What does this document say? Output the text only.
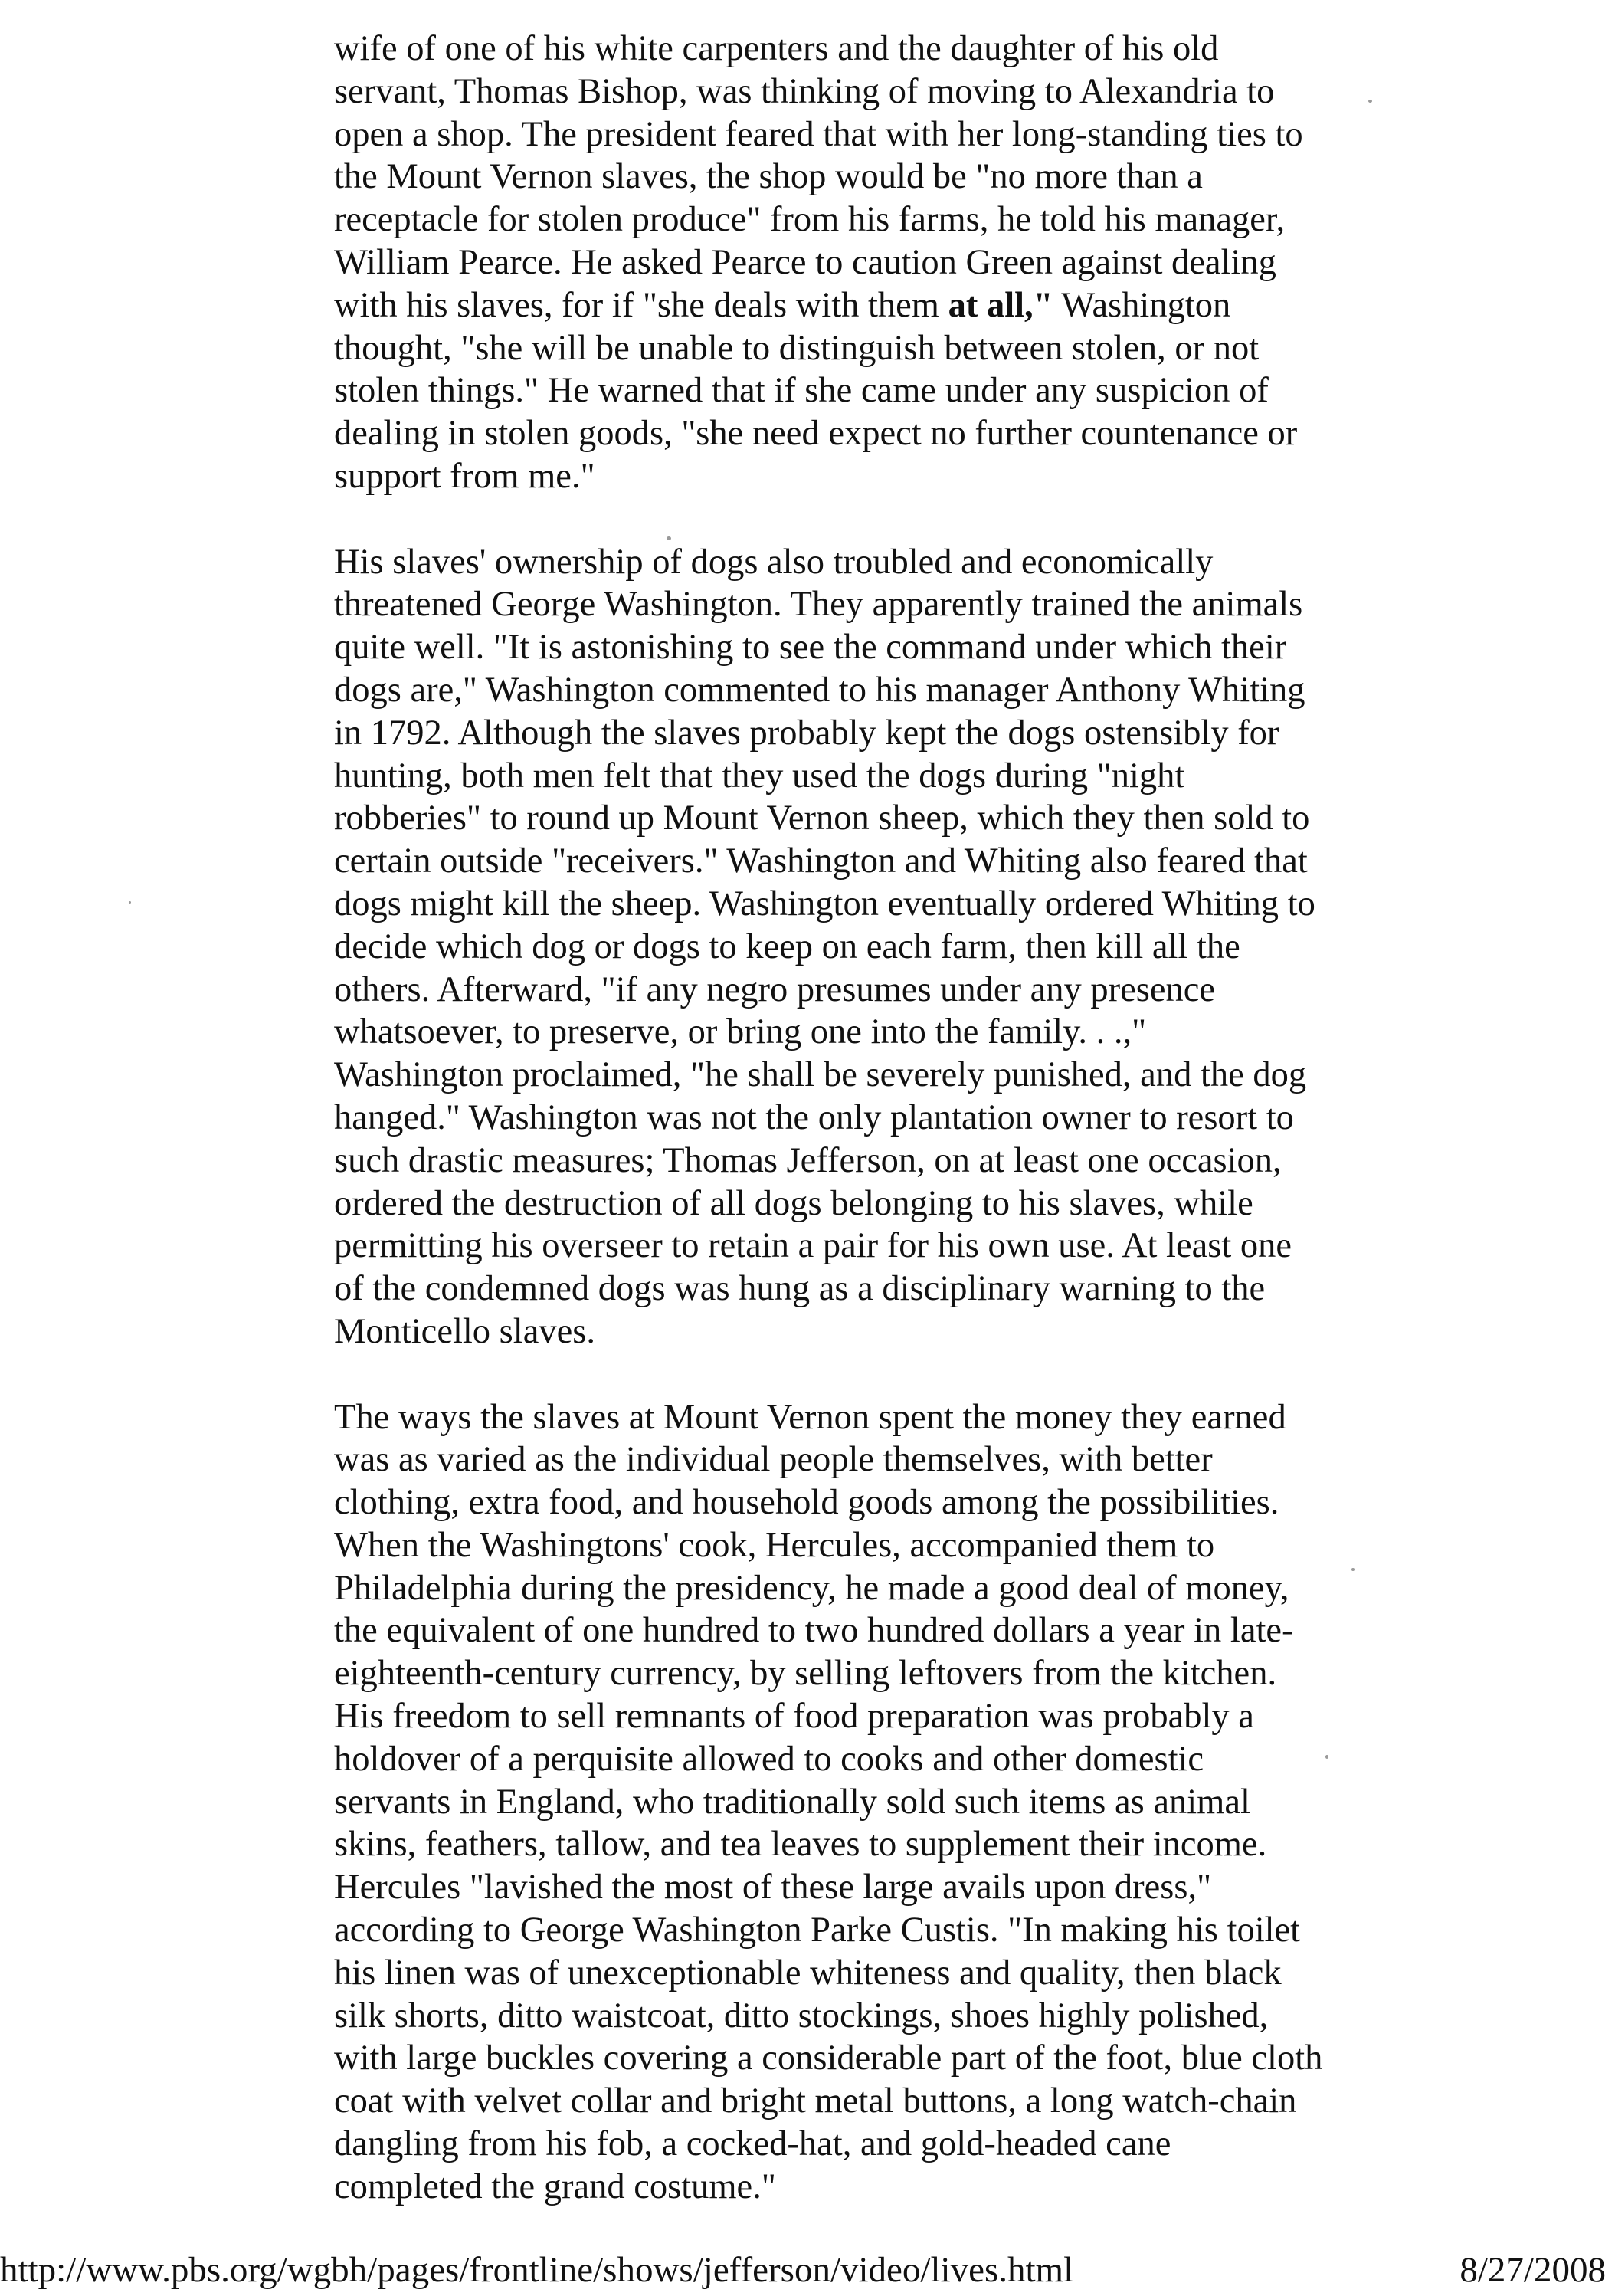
wife of one of his white carpenters and the daughter of his old
servant, Thomas Bishop, was thinking of moving to Alexandria to
open a shop. The president feared that with her long-standing ties to
the Mount Vernon slaves, the shop would be "no more than a
receptacle for stolen produce" from his farms, he told his manager,
William Pearce. He asked Pearce to caution Green against dealing
with his slaves, for if "she deals with them at all," Washington
thought, "she will be unable to distinguish between stolen, or not
stolen things." He warned that if she came under any suspicion of
dealing in stolen goods, "she need expect no further countenance or
support from me."
His slaves' ownership of dogs also troubled and economically
threatened George Washington. They apparently trained the animals
quite well. "It is astonishing to see the command under which their
dogs are," Washington commented to his manager Anthony Whiting
in 1792. Although the slaves probably kept the dogs ostensibly for
hunting, both men felt that they used the dogs during "night
robberies" to round up Mount Vernon sheep, which they then sold to
certain outside "receivers." Washington and Whiting also feared that
dogs might kill the sheep. Washington eventually ordered Whiting to
decide which dog or dogs to keep on each farm, then kill all the
others. Afterward, "if any negro presumes under any presence
whatsoever, to preserve, or bring one into the family. . .,"
Washington proclaimed, "he shall be severely punished, and the dog
hanged." Washington was not the only plantation owner to resort to
such drastic measures; Thomas Jefferson, on at least one occasion,
ordered the destruction of all dogs belonging to his slaves, while
permitting his overseer to retain a pair for his own use. At least one
of the condemned dogs was hung as a disciplinary warning to the
Monticello slaves.
The ways the slaves at Mount Vernon spent the money they earned
was as varied as the individual people themselves, with better
clothing, extra food, and household goods among the possibilities.
When the Washingtons' cook, Hercules, accompanied them to
Philadelphia during the presidency, he made a good deal of money,
the equivalent of one hundred to two hundred dollars a year in late-
eighteenth-century currency, by selling leftovers from the kitchen.
His freedom to sell remnants of food preparation was probably a
holdover of a perquisite allowed to cooks and other domestic
servants in England, who traditionally sold such items as animal
skins, feathers, tallow, and tea leaves to supplement their income.
Hercules "lavished the most of these large avails upon dress,"
according to George Washington Parke Custis. "In making his toilet
his linen was of unexceptionable whiteness and quality, then black
silk shorts, ditto waistcoat, ditto stockings, shoes highly polished,
with large buckles covering a considerable part of the foot, blue cloth
coat with velvet collar and bright metal buttons, a long watch-chain
dangling from his fob, a cocked-hat, and gold-headed cane
completed the grand costume."
http://www.pbs.org/wgbh/pages/frontline/shows/jefferson/video/lives.html	8/27/2008
